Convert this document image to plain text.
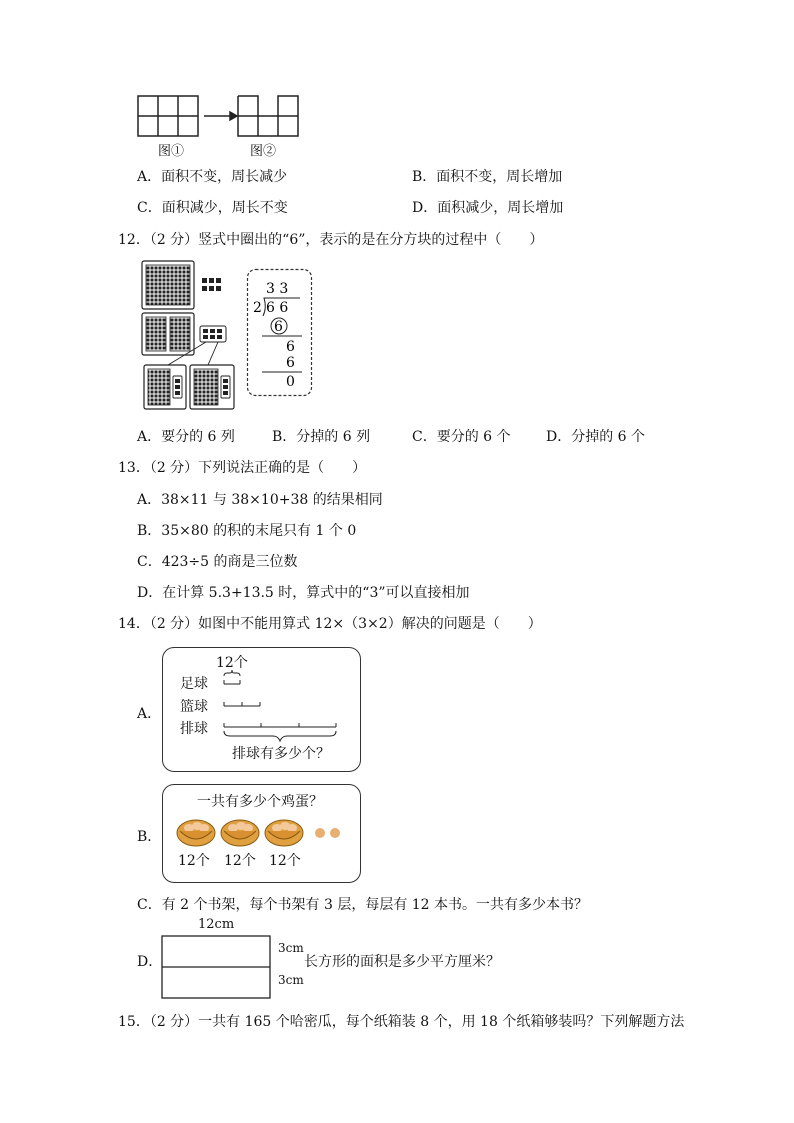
图①	图②
A．面积不变，周长减少	B．面积不变，周长增加
C．面积减少，周长不变	D．面积减少，周长增加
12．（2 分）竖式中圈出的“6”，表示的是在分方块的过程中（　　）
3 3
2 6 6
6
6
6
0
A．要分的 6 列	B．分掉的 6 列	C．要分的 6 个	D．分掉的 6 个
13．（2 分）下列说法正确的是（　　）
A．38×11 与 38×10+38 的结果相同
B．35×80 的积的末尾只有 1 个 0
C．423÷5 的商是三位数
D．在计算 5.3+13.5 时，算式中的“3”可以直接相加
14．（2 分）如图中不能用算式 12×（3×2）解决的问题是（　　）
A．
12个
足球
篮球
排球
排球有多少个？
B．
一共有多少个鸡蛋？
12个 12个 12个
C．有 2 个书架，每个书架有 3 层，每层有 12 本书。一共有多少本书？
12cm
D．
3cm
3cm
长方形的面积是多少平方厘米？
15．（2 分）一共有 165 个哈密瓜，每个纸箱装 8 个，用 18 个纸箱够装吗？下列解题方法
